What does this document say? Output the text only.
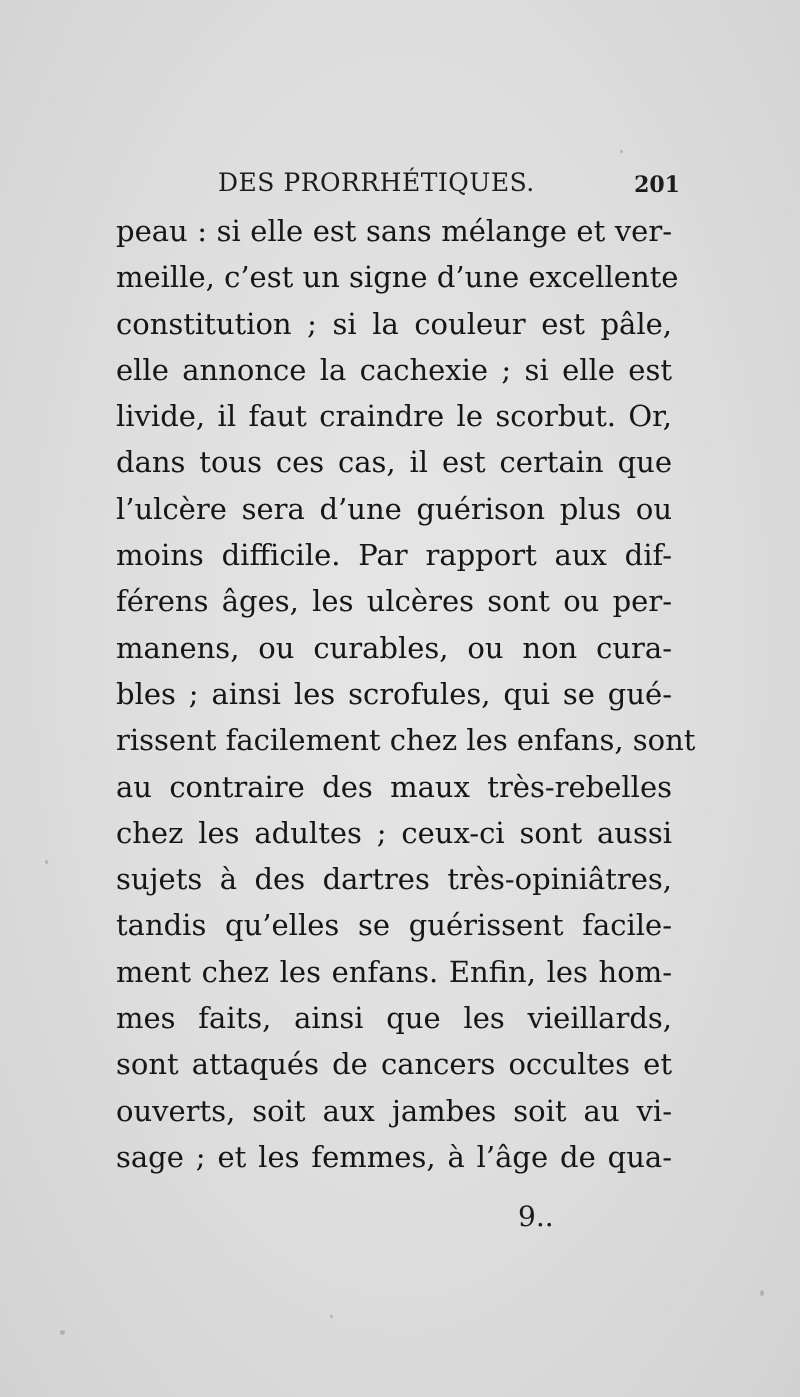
DES PRORRHÉTIQUES.	201
peau : si elle est sans mélange et ver-
meille, c’est un signe d’une excellente
constitution ; si la couleur est pâle,
elle annonce la cachexie ; si elle est
livide, il faut craindre le scorbut. Or,
dans tous ces cas, il est certain que
l’ulcère sera d’une guérison plus ou
moins difficile. Par rapport aux dif-
férens âges, les ulcères sont ou per-
manens, ou curables, ou non cura-
bles ; ainsi les scrofules, qui se gué-
rissent facilement chez les enfans, sont
au contraire des maux très-rebelles
chez les adultes ; ceux-ci sont aussi
sujets à des dartres très-opiniâtres,
tandis qu’elles se guérissent facile-
ment chez les enfans. Enfin, les hom-
mes faits, ainsi que les vieillards,
sont attaqués de cancers occultes et
ouverts, soit aux jambes soit au vi-
sage ; et les femmes, à l’âge de qua-
9..
